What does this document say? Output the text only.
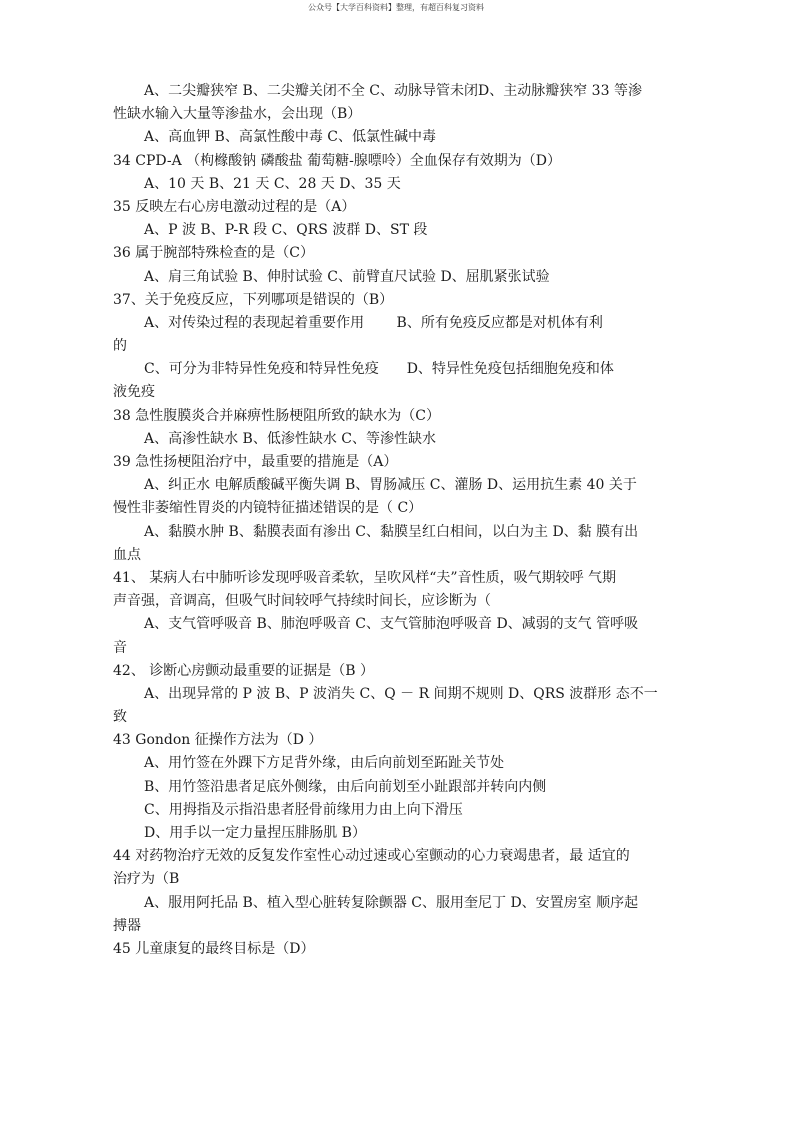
公众号【大学百科资料】整理，有超百科复习资料
A、二尖瓣狭窄 B、二尖瓣关闭不全 C、动脉导管未闭D、主动脉瓣狭窄 33 等渗
性缺水输入大量等渗盐水，会出现（B）
A、高血钾 B、高氯性酸中毒 C、低氯性碱中毒
34 CPD-A （枸橼酸钠 磷酸盐 葡萄糖-腺嘌呤）全血保存有效期为（D）
A、10 天 B、21 天 C、28 天 D、35 天
35 反映左右心房电激动过程的是（A）
A、P 波 B、P-R 段 C、QRS 波群 D、ST 段
36 属于腕部特殊检查的是（C）
A、肩三角试验 B、伸肘试验 C、前臂直尺试验 D、屈肌紧张试验
37、关于免疫反应，下列哪项是错误的（B）
A、对传染过程的表现起着重要作用　　 B、所有免疫反应都是对机体有利
的
C、可分为非特异性免疫和特异性免疫　　D、特异性免疫包括细胞免疫和体
液免疫
38 急性腹膜炎合并麻痹性肠梗阻所致的缺水为（C）
A、高渗性缺水 B、低渗性缺水 C、等渗性缺水
39 急性扬梗阻治疗中，最重要的措施是（A）
A、纠正水 电解质酸碱平衡失调 B、胃肠减压 C、灌肠 D、运用抗生素 40 关于
慢性非萎缩性胃炎的内镜特征描述错误的是（ C）
A、黏膜水肿 B、黏膜表面有渗出 C、黏膜呈红白相间，以白为主 D、黏 膜有出
血点
41、 某病人右中肺听诊发现呼吸音柔软，呈吹风样“夫”音性质，吸气期较呼 气期
声音强，音调高，但吸气时间较呼气持续时间长，应诊断为（
A、支气管呼吸音 B、肺泡呼吸音 C、支气管肺泡呼吸音 D、减弱的支气 管呼吸
音
42、 诊断心房颤动最重要的证据是（B ）
A、出现异常的 P 波 B、P 波消失 C、Q － R 间期不规则 D、QRS 波群形 态不一
致
43 Gondon 征操作方法为（D ）
A、用竹签在外踝下方足背外缘，由后向前划至跖趾关节处
B、用竹签沿患者足底外侧缘，由后向前划至小趾跟部并转向内侧
C、用拇指及示指沿患者胫骨前缘用力由上向下滑压
D、用手以一定力量捏压腓肠肌 B）
44 对药物治疗无效的反复发作室性心动过速或心室颤动的心力衰竭患者，最 适宜的
治疗为（B
A、服用阿托品 B、植入型心脏转复除颤器 C、服用奎尼丁 D、安置房室 顺序起
搏器
45 儿童康复的最终目标是（D）
